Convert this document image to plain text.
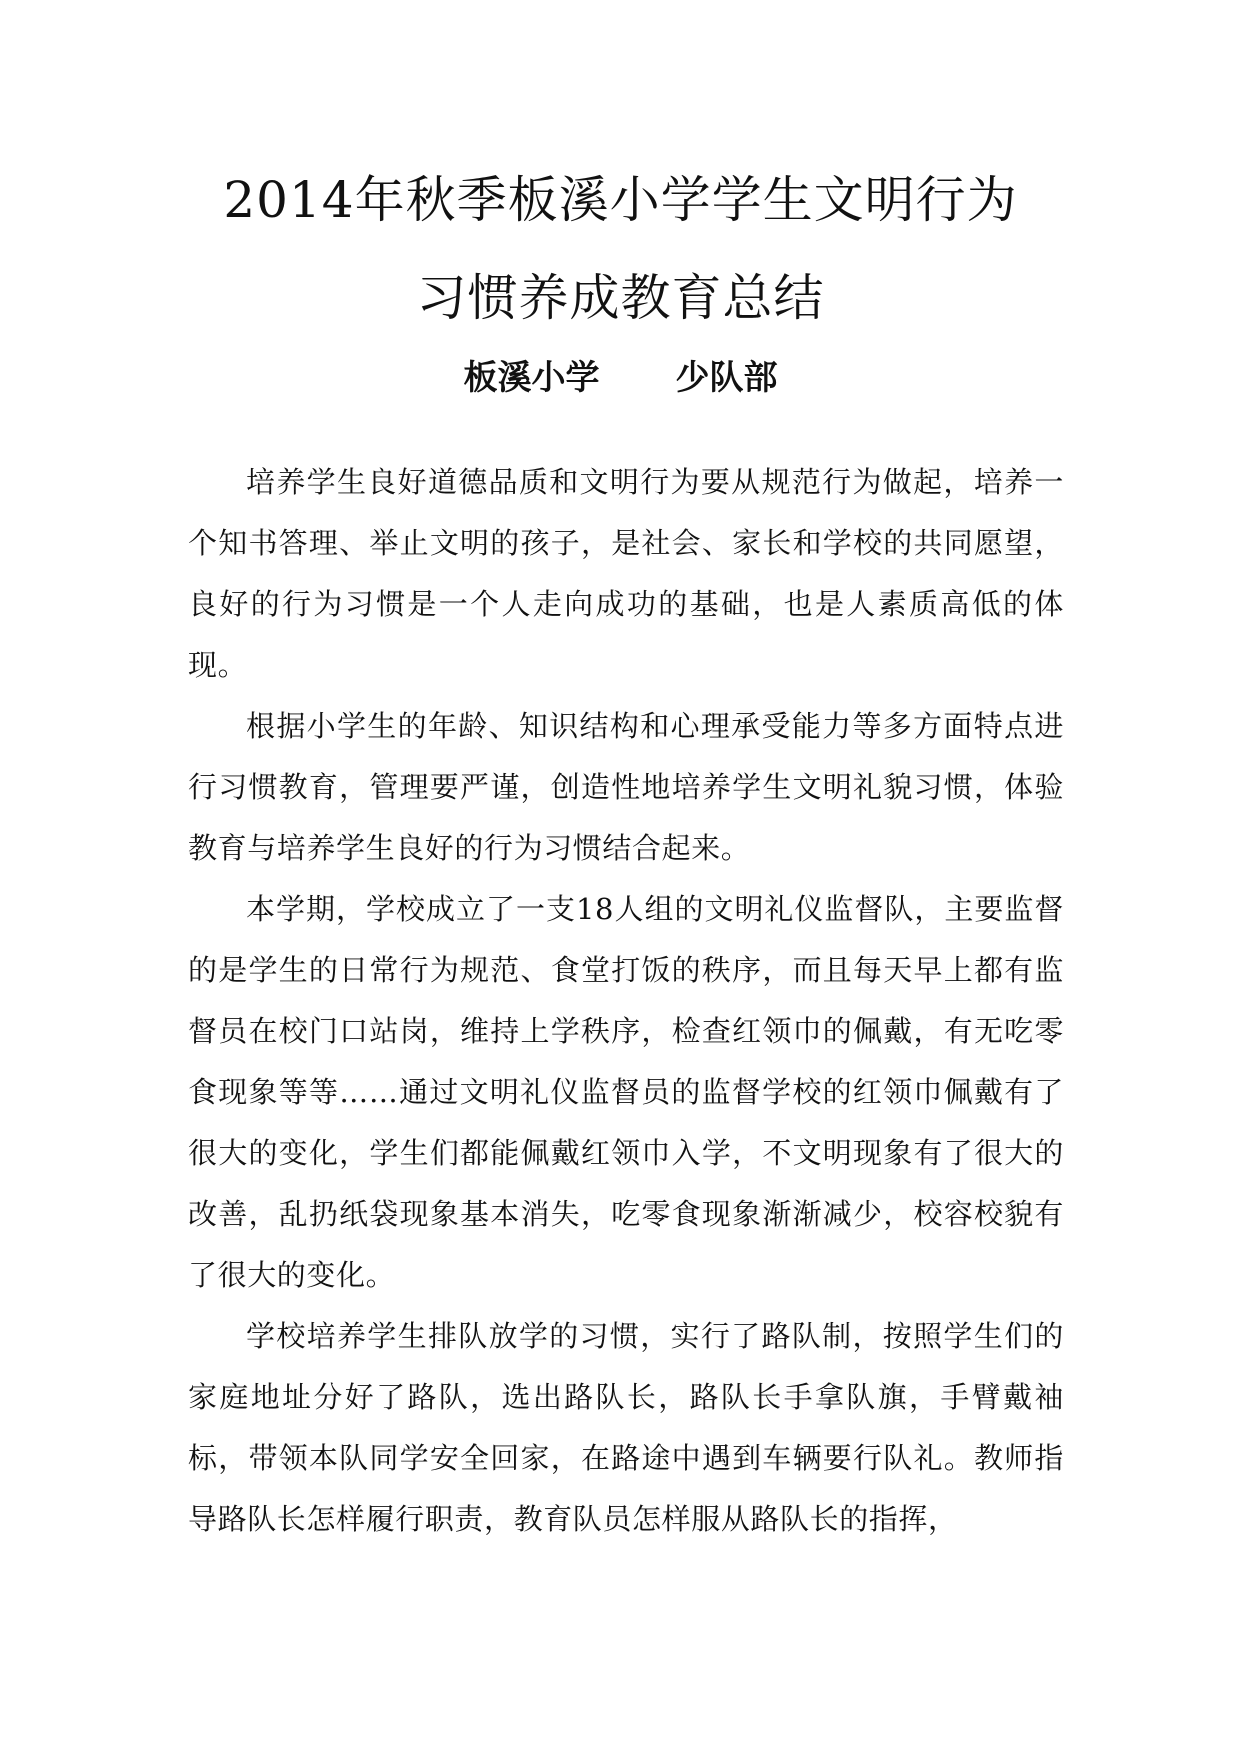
2014年秋季板溪小学学生文明行为
习惯养成教育总结

板溪小学 少队部

培养学生良好道德品质和文明行为要从规范行为做起，培养一个知书答理、举止文明的孩子，是社会、家长和学校的共同愿望，良好的行为习惯是一个人走向成功的基础，也是人素质高低的体现。

根据小学生的年龄、知识结构和心理承受能力等多方面特点进行习惯教育，管理要严谨，创造性地培养学生文明礼貌习惯，体验教育与培养学生良好的行为习惯结合起来。

本学期，学校成立了一支18人组的文明礼仪监督队，主要监督的是学生的日常行为规范、食堂打饭的秩序，而且每天早上都有监督员在校门口站岗，维持上学秩序，检查红领巾的佩戴，有无吃零食现象等等……通过文明礼仪监督员的监督学校的红领巾佩戴有了很大的变化，学生们都能佩戴红领巾入学，不文明现象有了很大的改善，乱扔纸袋现象基本消失，吃零食现象渐渐减少，校容校貌有了很大的变化。

学校培养学生排队放学的习惯，实行了路队制，按照学生们的家庭地址分好了路队，选出路队长，路队长手拿队旗，手臂戴袖标，带领本队同学安全回家，在路途中遇到车辆要行队礼。教师指导路队长怎样履行职责，教育队员怎样服从路队长的指挥，
